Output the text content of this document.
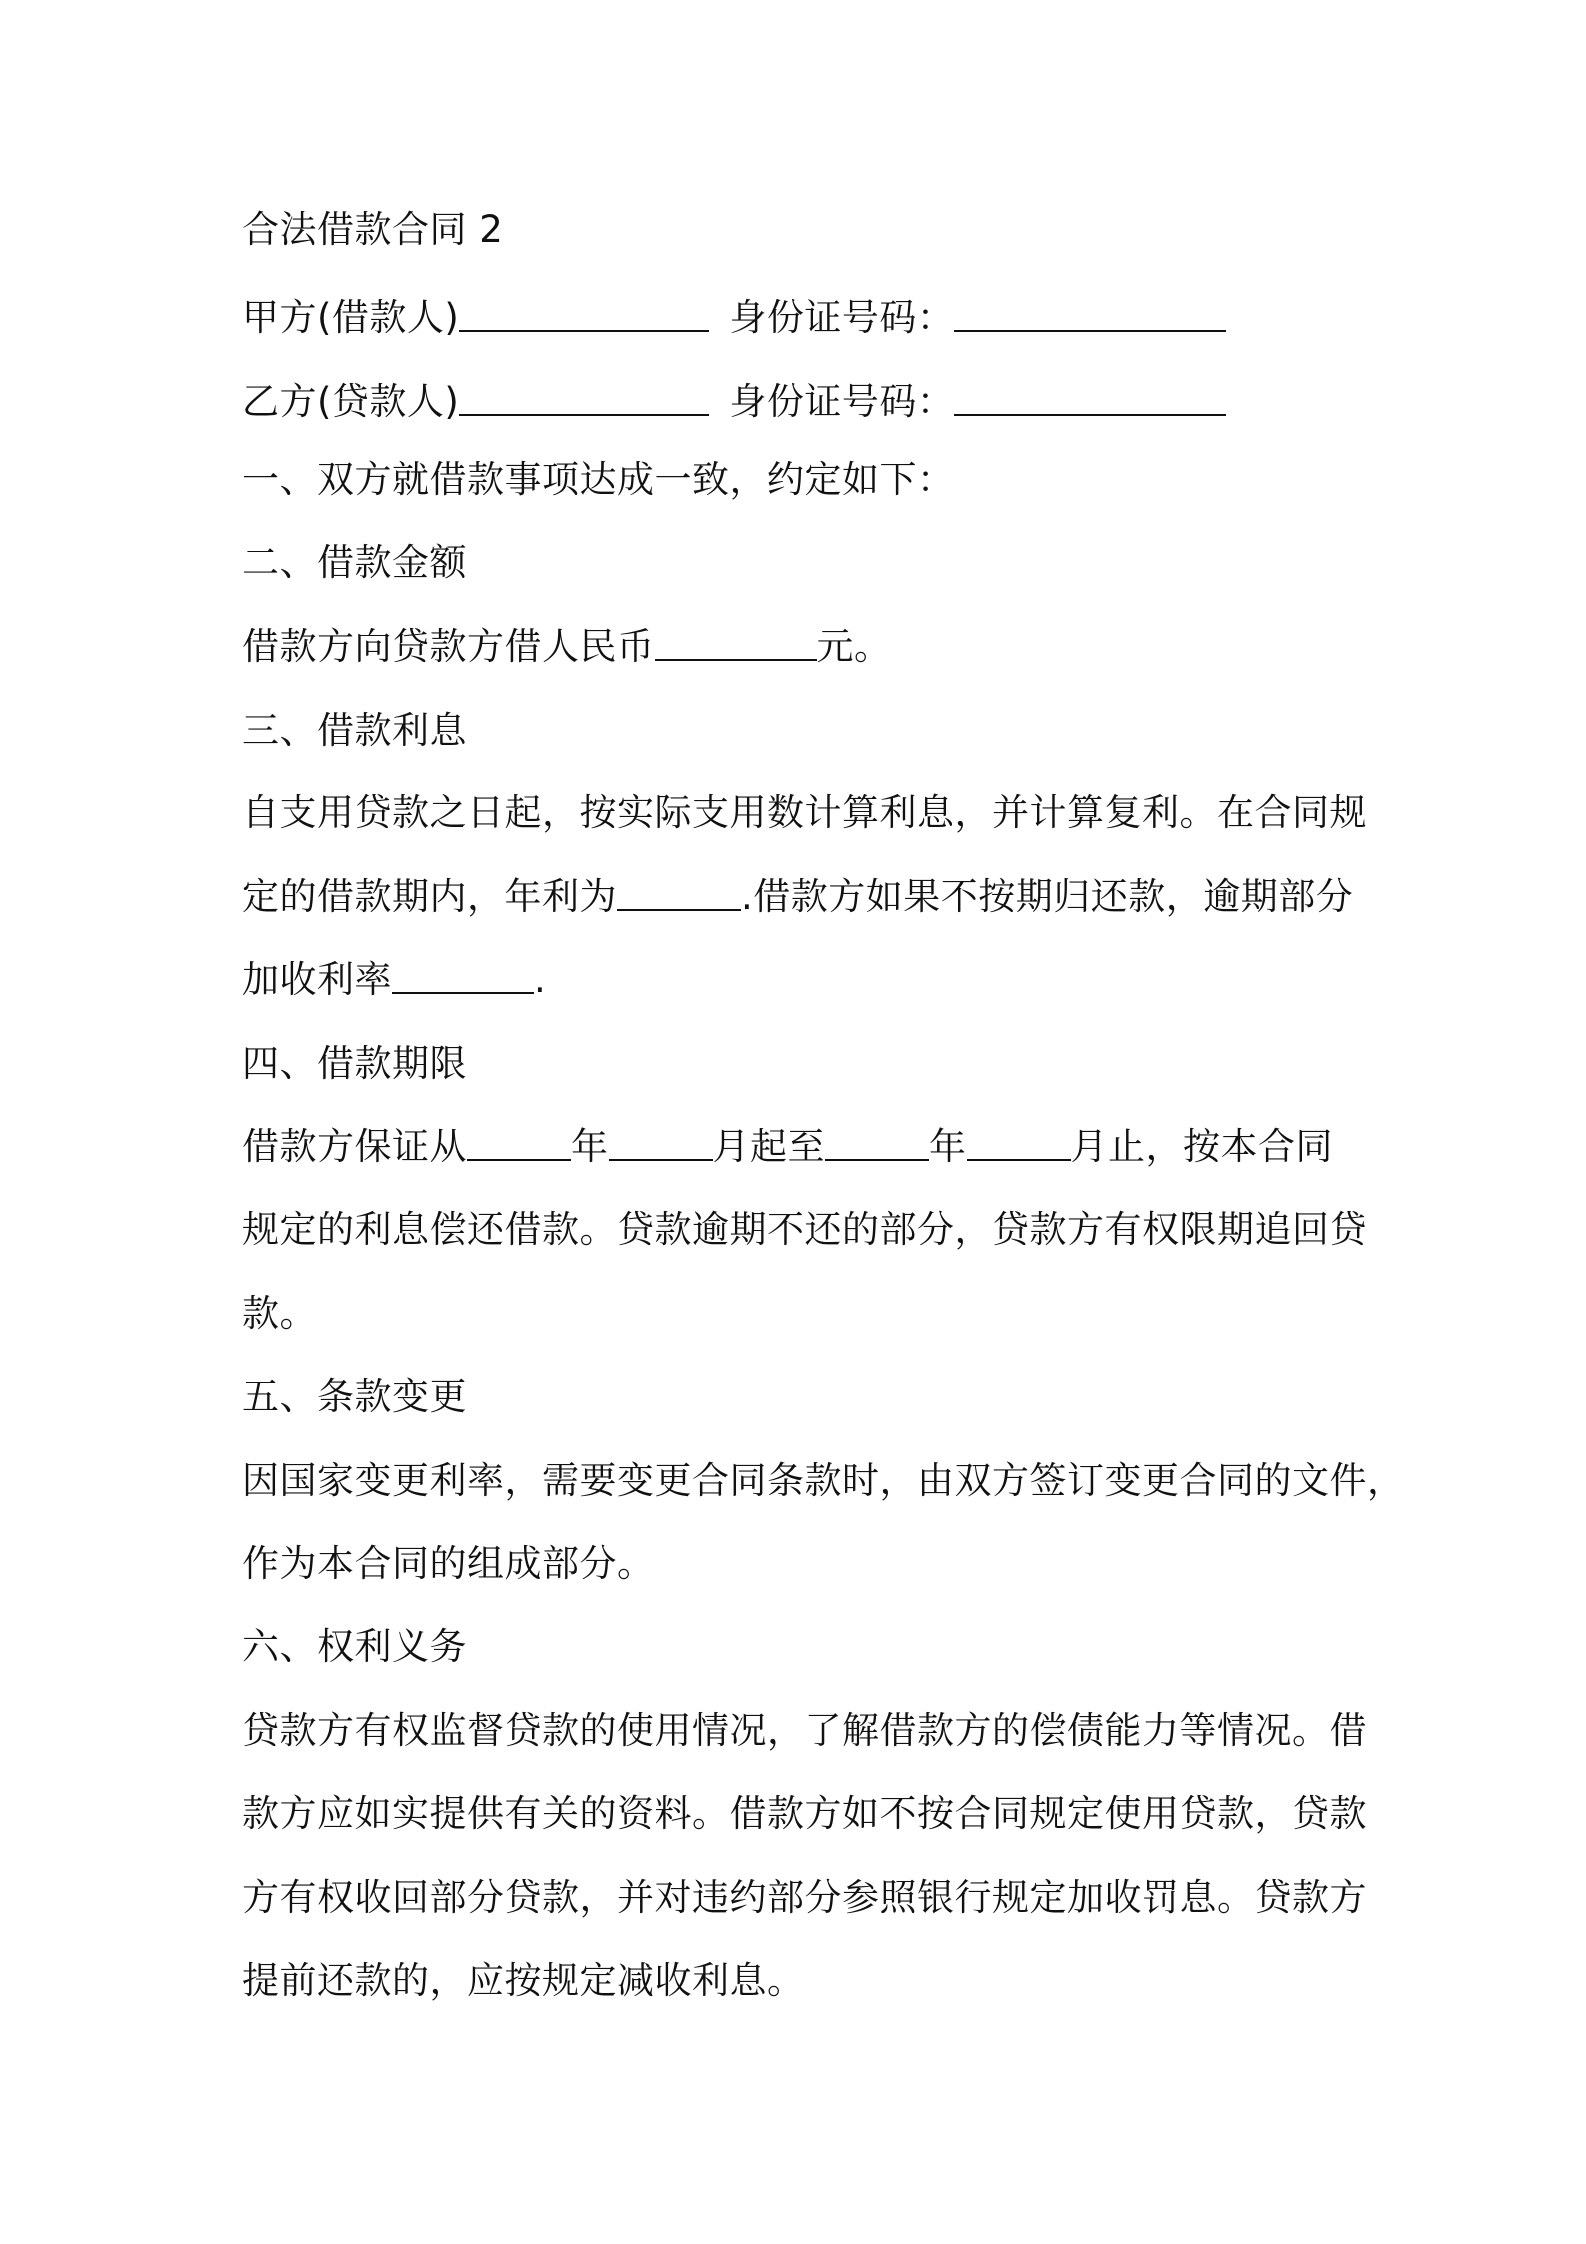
合法借款合同 2
甲方(借款人)	身份证号码：
乙方(贷款人)	身份证号码：
一、双方就借款事项达成一致，约定如下：
二、借款金额
借款方向贷款方借人民币	元。
三、借款利息
自支用贷款之日起，按实际支用数计算利息，并计算复利。在合同规
定的借款期内，年利为	.借款方如果不按期归还款，逾期部分
加收利率	.
四、借款期限
借款方保证从	年	月起至	年	月止，按本合同
规定的利息偿还借款。贷款逾期不还的部分，贷款方有权限期追回贷
款。
五、条款变更
因国家变更利率，需要变更合同条款时，由双方签订变更合同的文件，
作为本合同的组成部分。
六、权利义务
贷款方有权监督贷款的使用情况，了解借款方的偿债能力等情况。借
款方应如实提供有关的资料。借款方如不按合同规定使用贷款，贷款
方有权收回部分贷款，并对违约部分参照银行规定加收罚息。贷款方
提前还款的，应按规定减收利息。
